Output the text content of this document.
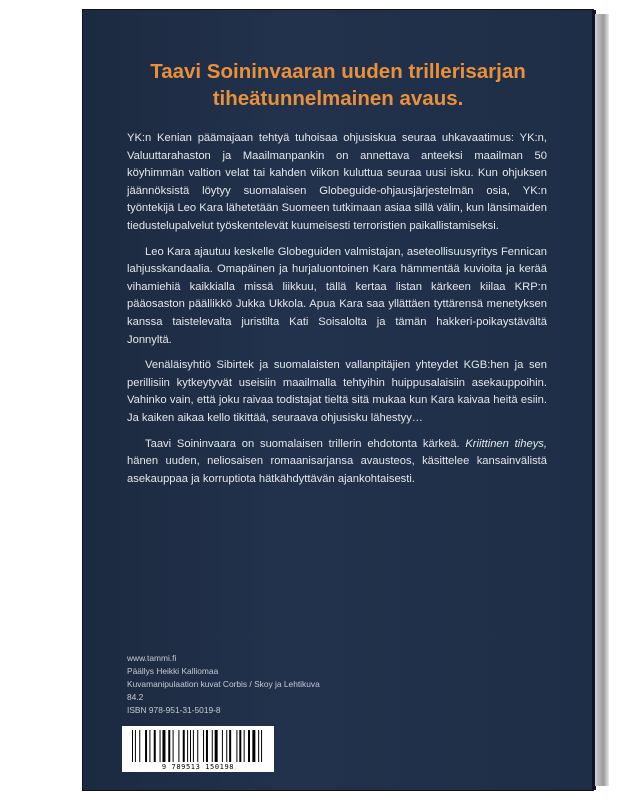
Taavi Soininvaaran uuden trillerisarjan
tiheätunnelmainen avaus.

YK:n Kenian päämajaan tehtyä tuhoisaa ohjusiskua seuraa uhkavaatimus: YK:n, Valuuttarahaston ja Maailmanpankin on annettava anteeksi maailman 50 köyhimmän valtion velat tai kahden viikon kuluttua seuraa uusi isku. Kun ohjuksen jäännöksistä löytyy suomalaisen Globeguide-ohjausjärjestelmän osia, YK:n työntekijä Leo Kara lähetetään Suomeen tutkimaan asiaa sillä välin, kun länsimaiden tiedustelupalvelut työskentelevät kuumeisesti terroristien paikallistamiseksi.

Leo Kara ajautuu keskelle Globeguiden valmistajan, aseteollisuusyritys Fennican lahjusskandaalia. Omapäinen ja hurjaluontoinen Kara hämmentää kuvioita ja kerää vihamiehiä kaikkialla missä liikkuu, tällä kertaa listan kärkeen kiilaa KRP:n pääosaston päällikkö Jukka Ukkola. Apua Kara saa yllättäen tyttärensä menetyksen kanssa taistelevalta juristilta Kati Soisalolta ja tämän hakkeri-poikaystävältä Jonnyltä.

Venäläisyhtiö Sibirtek ja suomalaisten vallanpitäjien yhteydet KGB:hen ja sen perillisiin kytkeytyvät useisiin maailmalla tehtyihin huippusalaisiin asekauppoihin. Vahinko vain, että joku raivaa todistajat tieltä sitä mukaa kun Kara kaivaa heitä esiin. Ja kaiken aikaa kello tikittää, seuraava ohjusisku lähestyy…

Taavi Soininvaara on suomalaisen trillerin ehdotonta kärkeä. Kriittinen tiheys, hänen uuden, neliosaisen romaanisarjansa avausteos, käsittelee kansainvälistä asekauppaa ja korruptiota hätkähdyttävän ajankohtaisesti.

www.tammi.fi
Päällys Heikki Kalliomaa
Kuvamanipulaation kuvat Corbis / Skoy ja Lehtikuva
84.2
ISBN 978-951-31-5019-8
9 789513 150198
